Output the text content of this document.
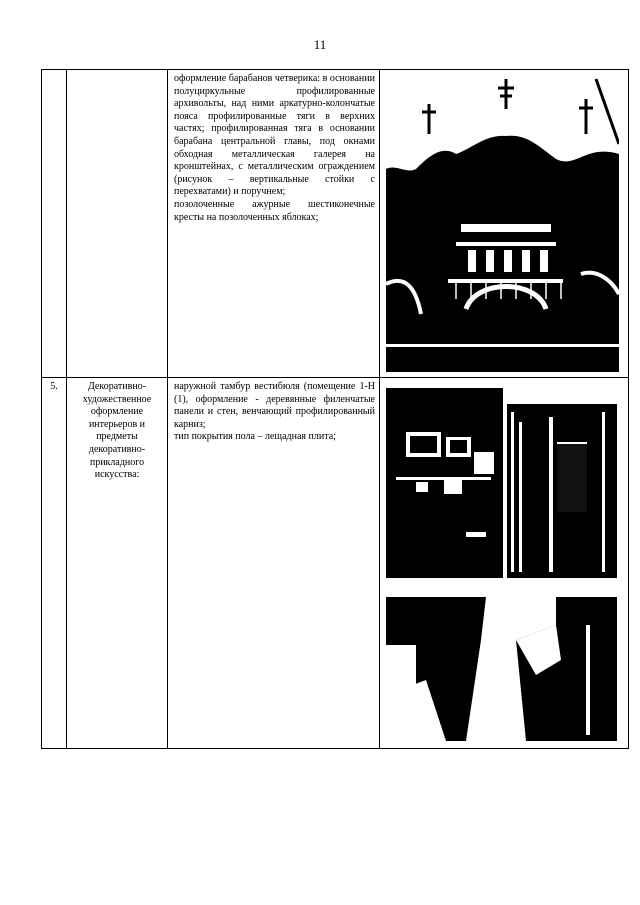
11

		оформление барабанов четверика: в основании полуциркульные профилированные архивольты, над ними аркатурно-колончатые пояса профилированные тяги в верхних частях; профилированная тяга в основании барабана центральной главы, под окнами обходная металлическая галерея на кронштейнах, с металлическим ограждением (рисунок – вертикальные стойки с перехватами) и поручнем;

позолоченные ажурные шестиконечные кресты на позолоченных яблоках;

5.	Декоративно-художественное оформление интерьеров и предметы декоративно-прикладного искусства:	наружной тамбур вестибюля (помещение 1-Н (1), оформление - деревянные филенчатые панели и стен, венчающий профилированный карниз;

тип покрытия пола – лещадная плита;
